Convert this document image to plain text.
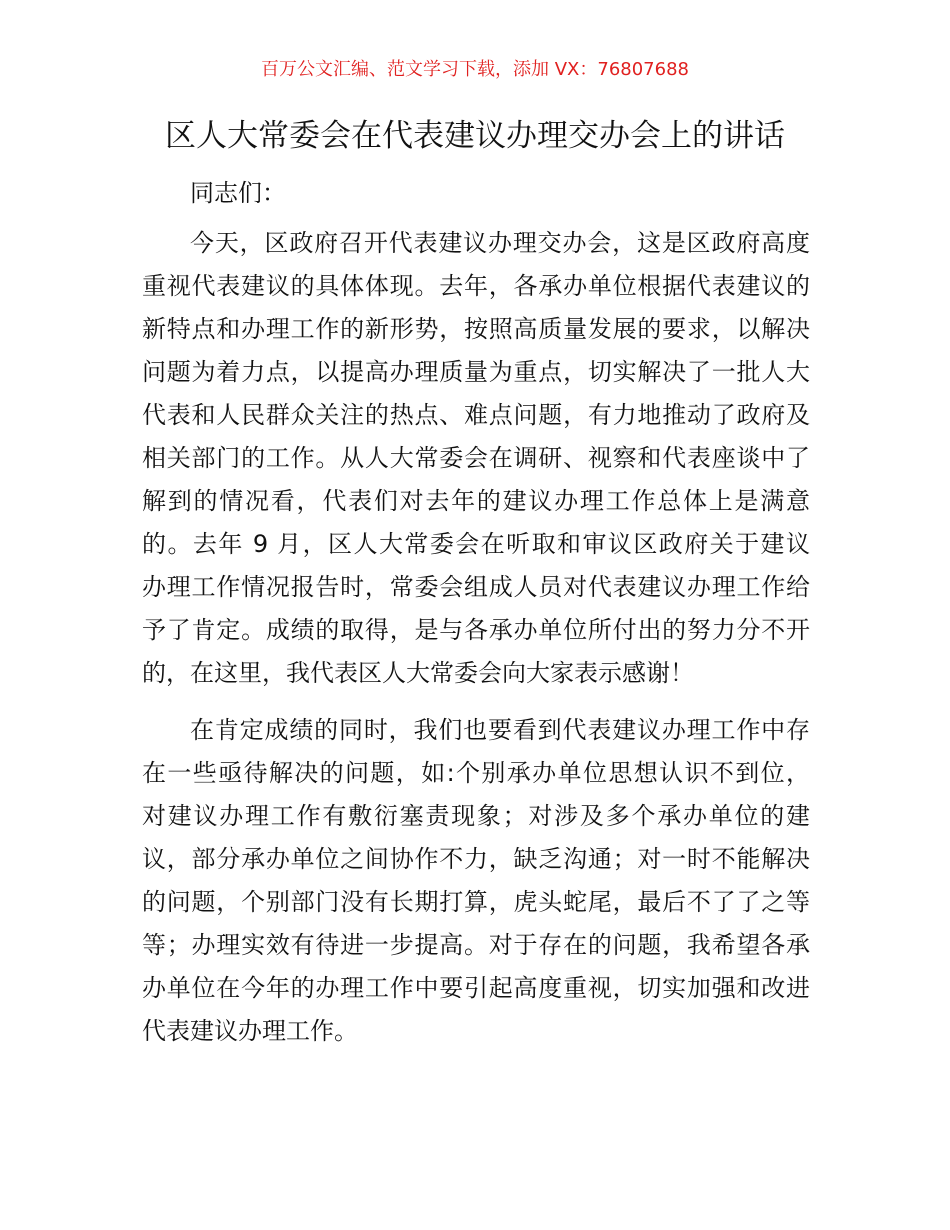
百万公文汇编、范文学习下载，添加 VX：76807688
区人大常委会在代表建议办理交办会上的讲话
同志们：
今天，区政府召开代表建议办理交办会，这是区政府高度
重视代表建议的具体体现。去年，各承办单位根据代表建议的
新特点和办理工作的新形势，按照高质量发展的要求，以解决
问题为着力点，以提高办理质量为重点，切实解决了一批人大
代表和人民群众关注的热点、难点问题，有力地推动了政府及
相关部门的工作。从人大常委会在调研、视察和代表座谈中了
解到的情况看，代表们对去年的建议办理工作总体上是满意
的。去年 9 月，区人大常委会在听取和审议区政府关于建议
办理工作情况报告时，常委会组成人员对代表建议办理工作给
予了肯定。成绩的取得，是与各承办单位所付出的努力分不开
的，在这里，我代表区人大常委会向大家表示感谢！
在肯定成绩的同时，我们也要看到代表建议办理工作中存
在一些亟待解决的问题，如:个别承办单位思想认识不到位，
对建议办理工作有敷衍塞责现象；对涉及多个承办单位的建
议，部分承办单位之间协作不力，缺乏沟通；对一时不能解决
的问题，个别部门没有长期打算，虎头蛇尾，最后不了了之等
等；办理实效有待进一步提高。对于存在的问题，我希望各承
办单位在今年的办理工作中要引起高度重视，切实加强和改进
代表建议办理工作。
